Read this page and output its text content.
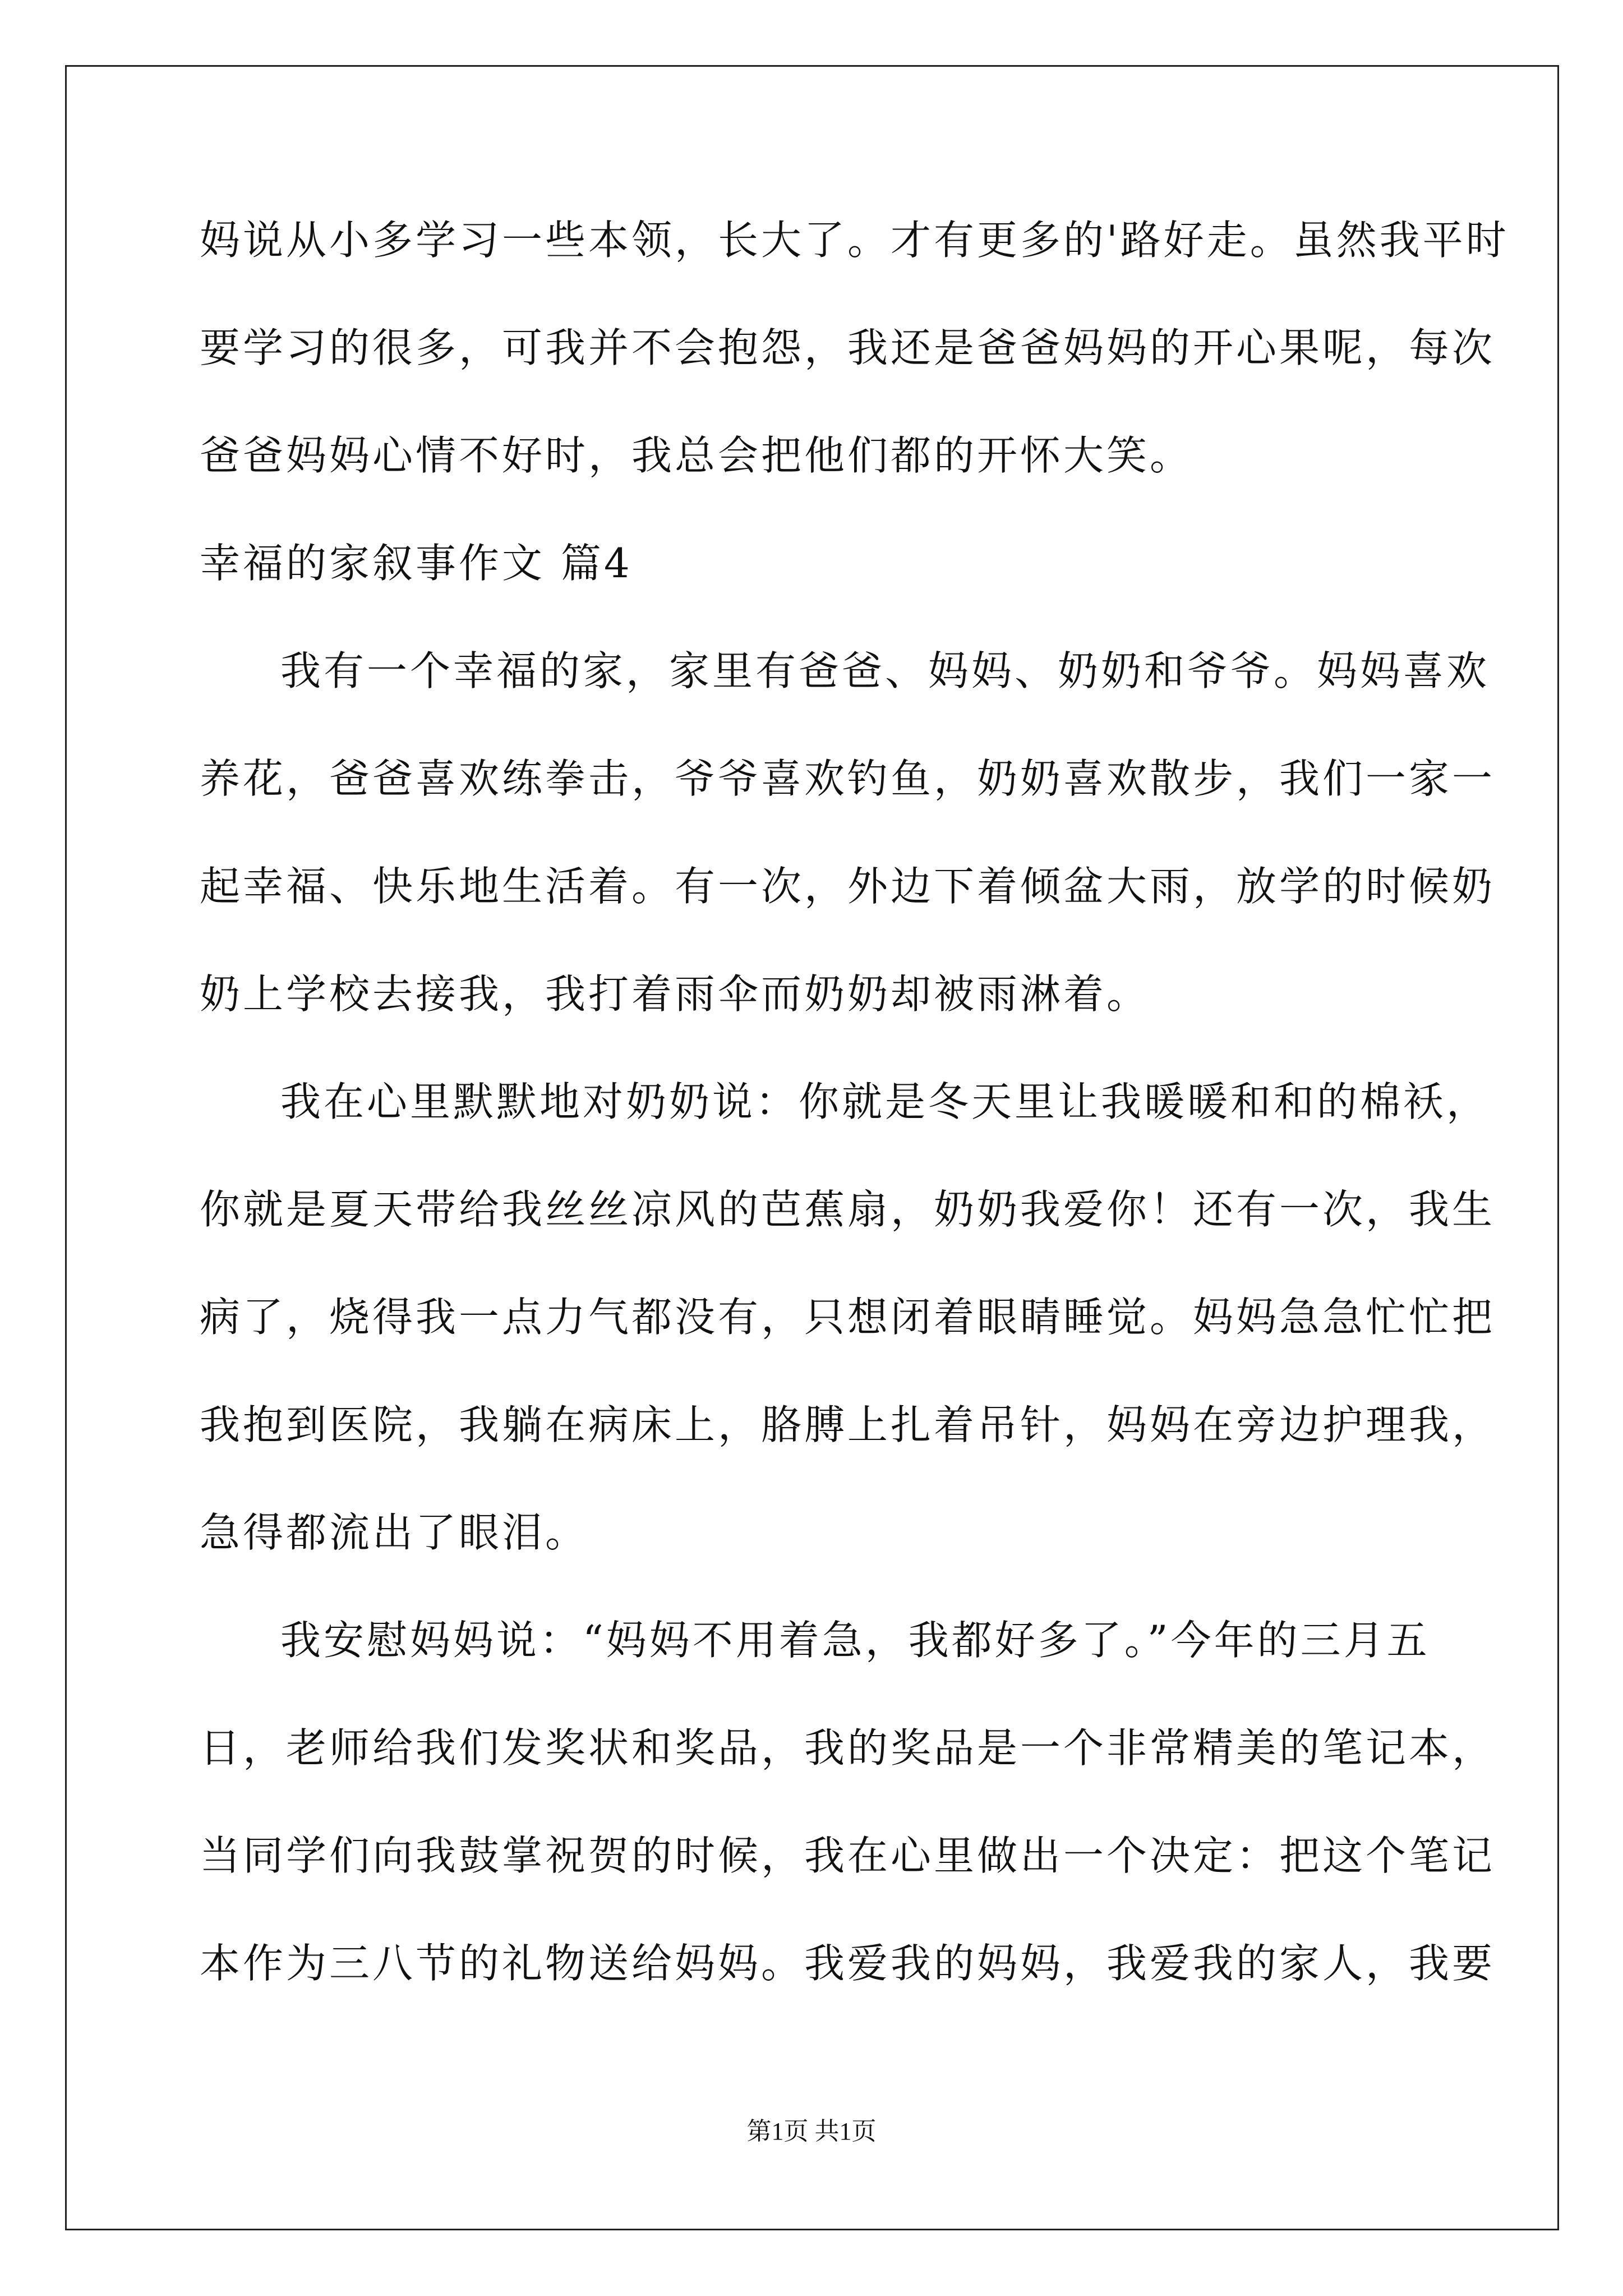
妈说从小多学习一些本领，长大了。才有更多的'路好走。虽然我平时
要学习的很多，可我并不会抱怨，我还是爸爸妈妈的开心果呢，每次
爸爸妈妈心情不好时，我总会把他们都的开怀大笑。
幸福的家叙事作文 篇4
我有一个幸福的家，家里有爸爸、妈妈、奶奶和爷爷。妈妈喜欢
养花，爸爸喜欢练拳击，爷爷喜欢钓鱼，奶奶喜欢散步，我们一家一
起幸福、快乐地生活着。有一次，外边下着倾盆大雨，放学的时候奶
奶上学校去接我，我打着雨伞而奶奶却被雨淋着。
我在心里默默地对奶奶说：你就是冬天里让我暖暖和和的棉袄，
你就是夏天带给我丝丝凉风的芭蕉扇，奶奶我爱你！还有一次，我生
病了，烧得我一点力气都没有，只想闭着眼睛睡觉。妈妈急急忙忙把
我抱到医院，我躺在病床上，胳膊上扎着吊针，妈妈在旁边护理我，
急得都流出了眼泪。
我安慰妈妈说：“妈妈不用着急，我都好多了。”今年的三月五
日，老师给我们发奖状和奖品，我的奖品是一个非常精美的笔记本，
当同学们向我鼓掌祝贺的时候，我在心里做出一个决定：把这个笔记
本作为三八节的礼物送给妈妈。我爱我的妈妈，我爱我的家人，我要
第1页 共1页
